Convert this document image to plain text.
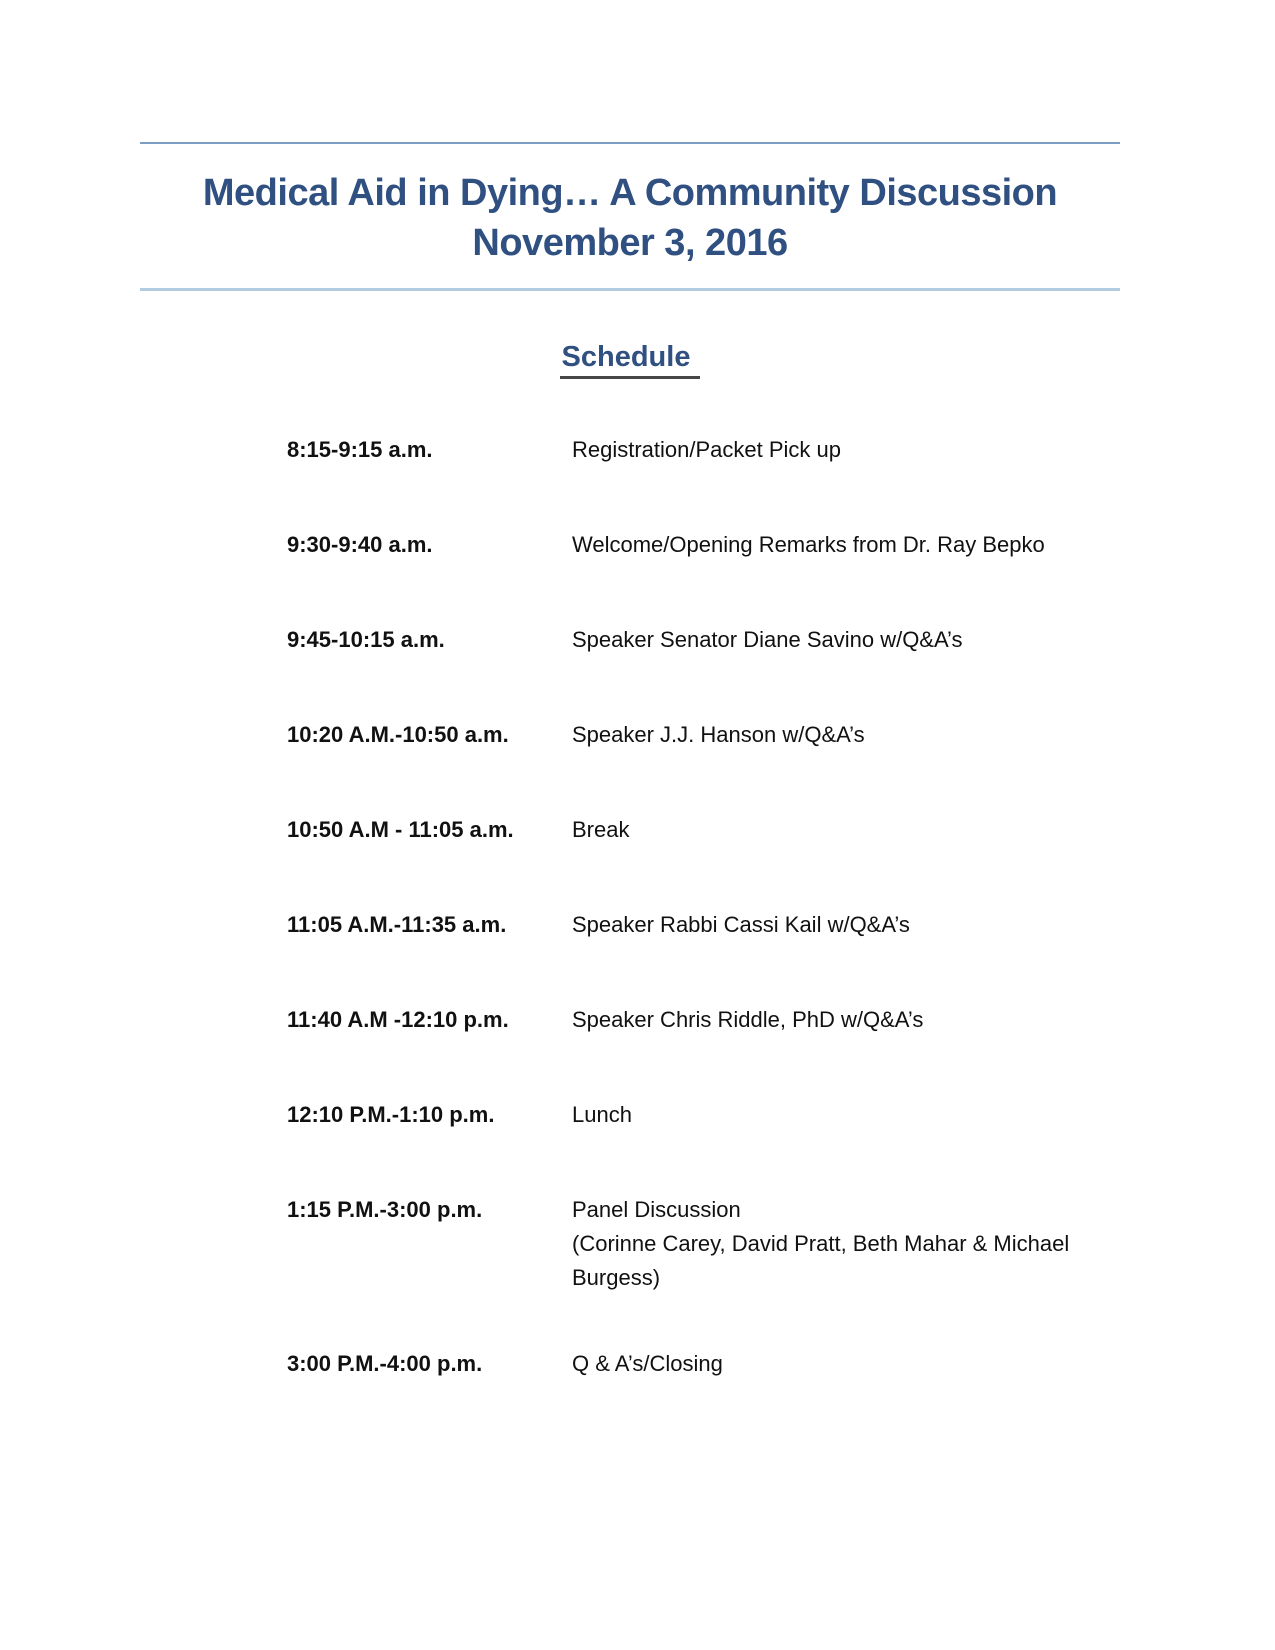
Medical Aid in Dying… A Community Discussion
November 3, 2016
Schedule
8:15-9:15 a.m.	Registration/Packet Pick up
9:30-9:40 a.m.	Welcome/Opening Remarks from Dr. Ray Bepko
9:45-10:15 a.m.	Speaker Senator Diane Savino w/Q&A’s
10:20 A.M.-10:50 a.m.	Speaker J.J. Hanson w/Q&A’s
10:50 A.M - 11:05 a.m.	Break
11:05 A.M.-11:35 a.m.	Speaker Rabbi Cassi Kail w/Q&A’s
11:40 A.M -12:10 p.m.	Speaker Chris Riddle, PhD w/Q&A’s
12:10 P.M.-1:10 p.m.	Lunch
1:15 P.M.-3:00 p.m.	Panel Discussion
(Corinne Carey, David Pratt, Beth Mahar & Michael Burgess)
3:00 P.M.-4:00 p.m.	Q & A’s/Closing
